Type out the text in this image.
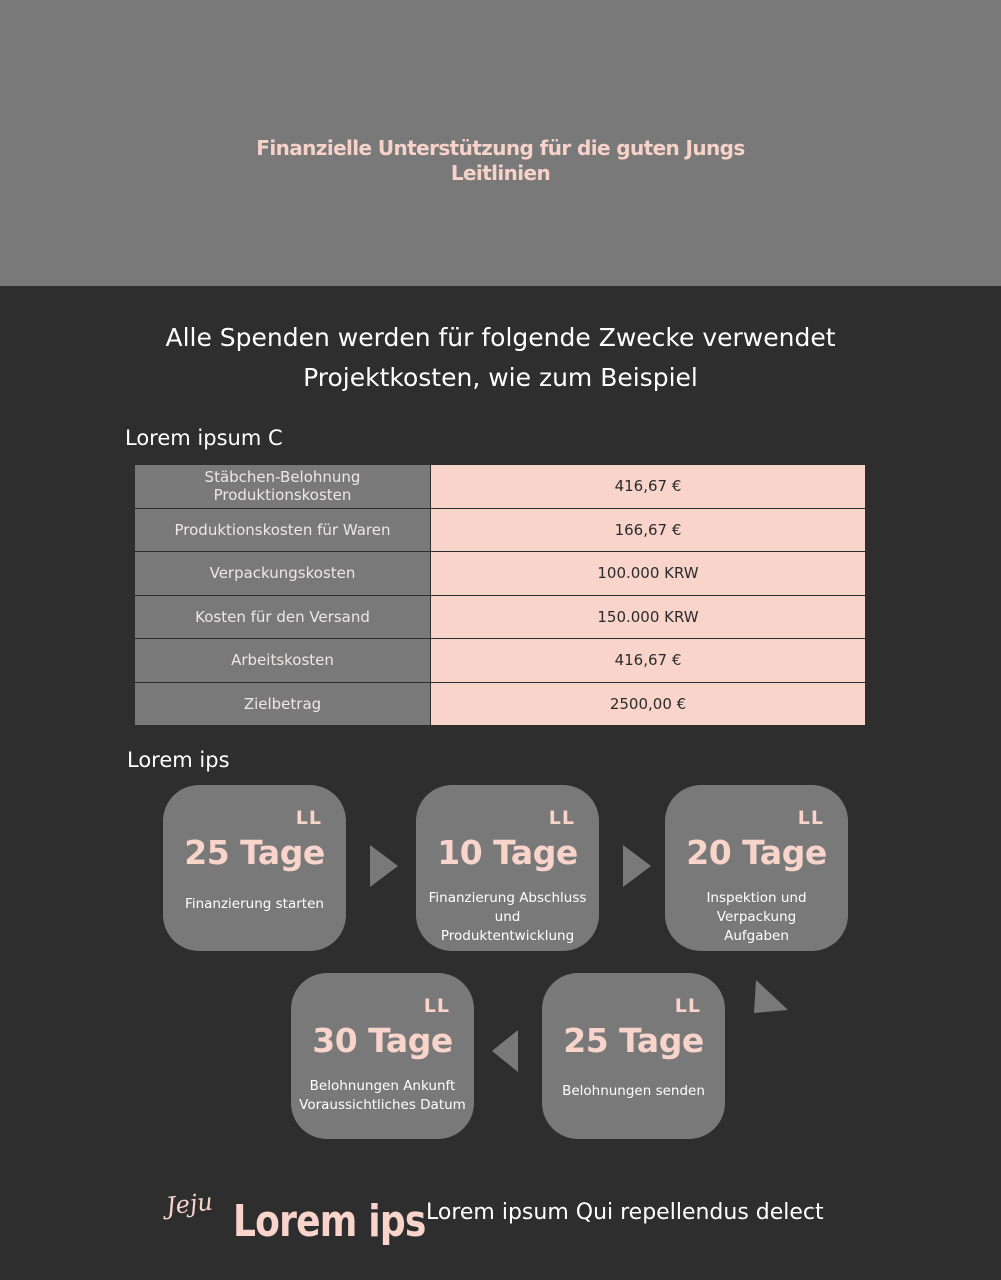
Finanzielle Unterstützung für die guten Jungs
Leitlinien
Alle Spenden werden für folgende Zwecke verwendet
Projektkosten, wie zum Beispiel
Lorem ipsum C
Stäbchen-Belohnung Produktionskosten	416,67 €
Produktionskosten für Waren	166,67 €
Verpackungskosten	100.000 KRW
Kosten für den Versand	150.000 KRW
Arbeitskosten	416,67 €
Zielbetrag	2500,00 €
Lorem ips
LL
25 Tage
Finanzierung starten
LL
10 Tage
Finanzierung Abschluss und
Produktentwicklung
LL
20 Tage
Inspektion und Verpackung
Aufgaben
LL
25 Tage
Belohnungen senden
LL
30 Tage
Belohnungen Ankunft
Voraussichtliches Datum
Jeju Lorem ips Lorem ipsum Qui repellendus delect
